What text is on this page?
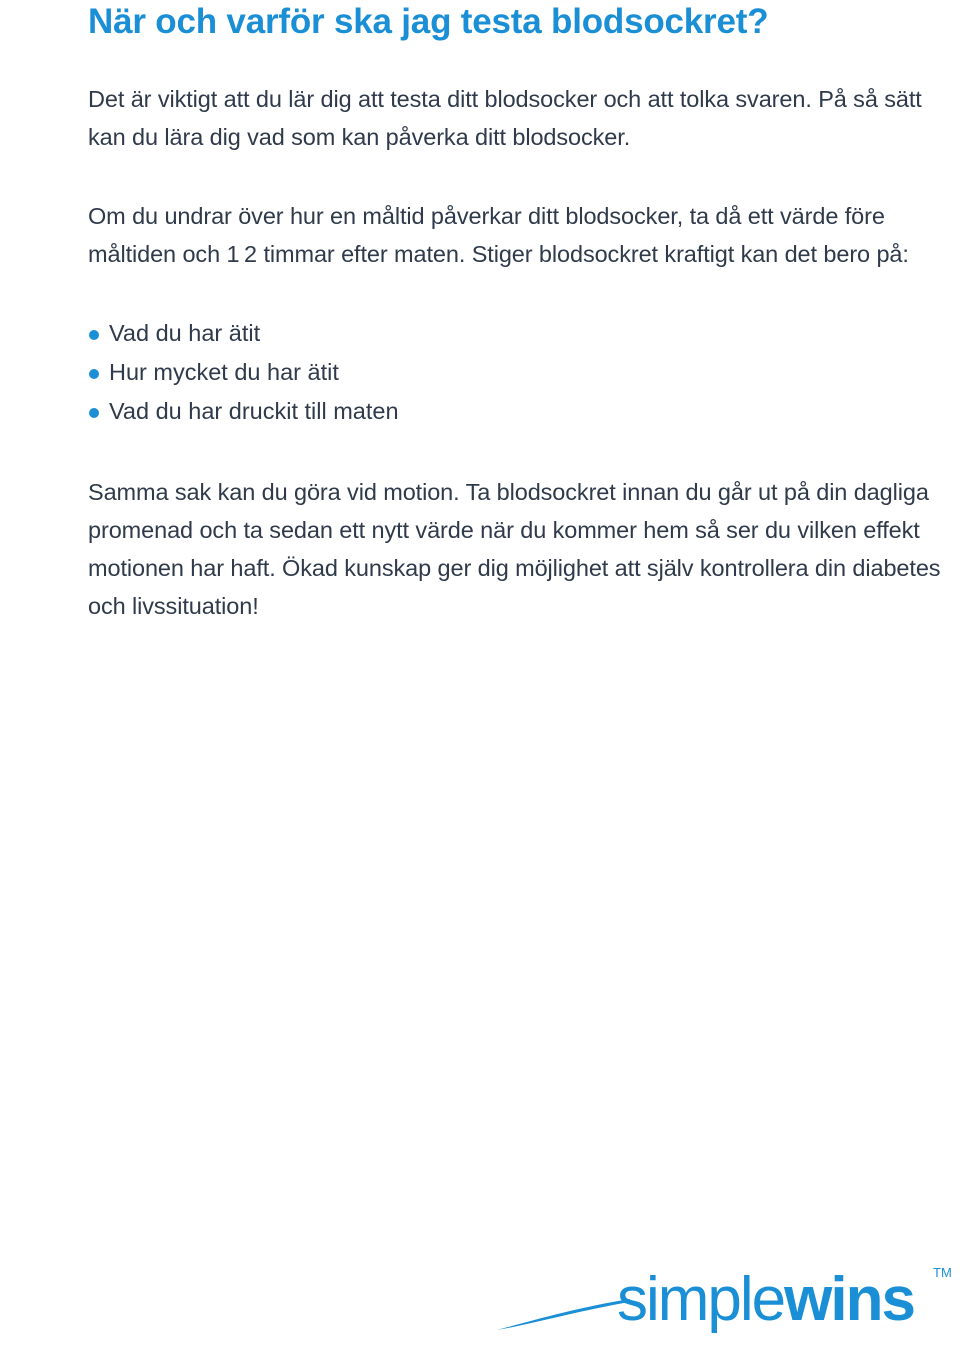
När och varför ska jag testa blodsockret?

Det är viktigt att du lär dig att testa ditt blodsocker och att tolka svaren. På så sätt kan du lära dig vad som kan påverka ditt blodsocker.

Om du undrar över hur en måltid påverkar ditt blodsocker, ta då ett värde före måltiden och 1 2 timmar efter maten. Stiger blodsockret kraftigt kan det bero på:

Vad du har ätit
Hur mycket du har ätit
Vad du har druckit till maten

Samma sak kan du göra vid motion. Ta blodsockret innan du går ut på din dagliga promenad och ta sedan ett nytt värde när du kommer hem så ser du vilken effekt motionen har haft. Ökad kunskap ger dig möjlighet att själv kontrollera din diabetes och livssituation!

simplewins TM
